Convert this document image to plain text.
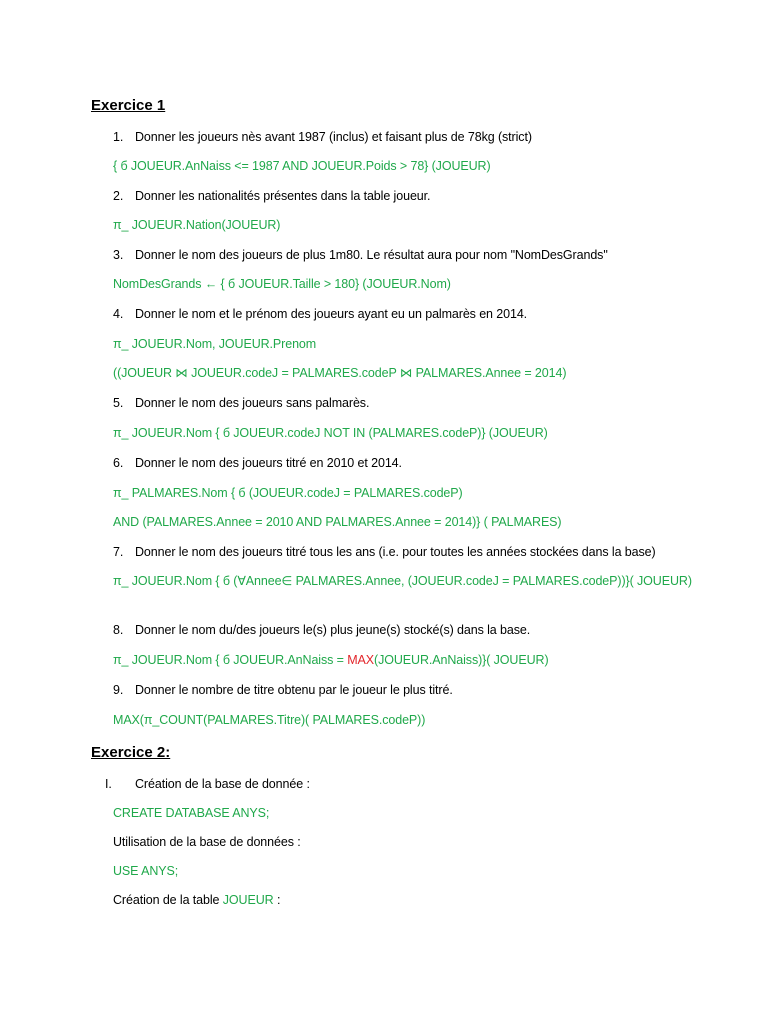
Exercice 1
1. Donner les joueurs nès avant 1987 (inclus) et faisant plus de 78kg (strict)
{ б JOUEUR.AnNaiss <= 1987 AND JOUEUR.Poids > 78} (JOUEUR)
2. Donner les nationalités présentes dans la table joueur.
π_ JOUEUR.Nation(JOUEUR)
3. Donner le nom des joueurs de plus 1m80. Le résultat aura pour nom "NomDesGrands"
NomDesGrands ← { б JOUEUR.Taille > 180} (JOUEUR.Nom)
4. Donner le nom et le prénom des joueurs ayant eu un palmarès en 2014.
π_ JOUEUR.Nom, JOUEUR.Prenom
((JOUEUR ⋈ JOUEUR.codeJ = PALMARES.codeP ⋈ PALMARES.Annee = 2014)
5. Donner le nom des joueurs sans palmarès.
π_ JOUEUR.Nom { б JOUEUR.codeJ NOT IN (PALMARES.codeP)} (JOUEUR)
6. Donner le nom des joueurs titré en 2010 et 2014.
π_ PALMARES.Nom { б (JOUEUR.codeJ = PALMARES.codeP)
AND (PALMARES.Annee = 2010 AND PALMARES.Annee = 2014)} ( PALMARES)
7. Donner le nom des joueurs titré tous les ans (i.e. pour toutes les années stockées dans la base)
π_ JOUEUR.Nom { б (∀Annee∈ PALMARES.Annee, (JOUEUR.codeJ = PALMARES.codeP))}( JOUEUR)
8. Donner le nom du/des joueurs le(s) plus jeune(s) stocké(s) dans la base.
π_ JOUEUR.Nom { б JOUEUR.AnNaiss = MAX(JOUEUR.AnNaiss)}( JOUEUR)
9. Donner le nombre de titre obtenu par le joueur le plus titré.
MAX(π_COUNT(PALMARES.Titre)( PALMARES.codeP))
Exercice 2:
I. Création de la base de donnée :
CREATE DATABASE ANYS;
Utilisation de la base de données :
USE ANYS;
Création de la table JOUEUR :
